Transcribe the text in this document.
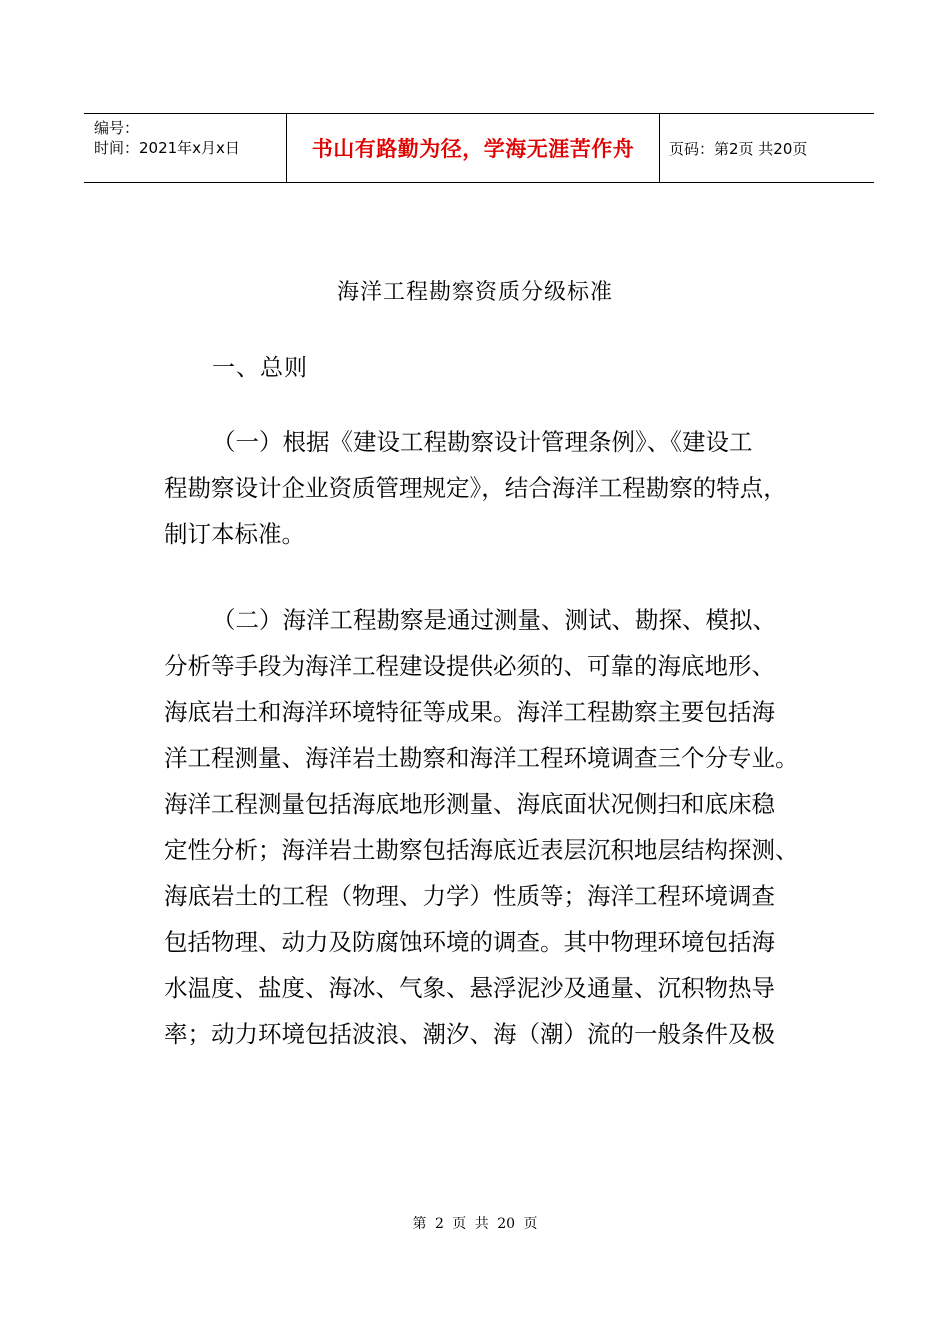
编号：
时间：2021年x月x日	书山有路勤为径，学海无涯苦作舟 页码：第2页 共20页
海洋工程勘察资质分级标准
一、总则
（一）根据《建设工程勘察设计管理条例》、《建设工
程勘察设计企业资质管理规定》，结合海洋工程勘察的特点，
制订本标准。
（二）海洋工程勘察是通过测量、测试、勘探、模拟、
分析等手段为海洋工程建设提供必须的、可靠的海底地形、
海底岩土和海洋环境特征等成果。海洋工程勘察主要包括海
洋工程测量、海洋岩土勘察和海洋工程环境调查三个分专业。
海洋工程测量包括海底地形测量、海底面状况侧扫和底床稳
定性分析；海洋岩土勘察包括海底近表层沉积地层结构探测、
海底岩土的工程（物理、力学）性质等；海洋工程环境调查
包括物理、动力及防腐蚀环境的调查。其中物理环境包括海
水温度、盐度、海冰、气象、悬浮泥沙及通量、沉积物热导
率；动力环境包括波浪、潮汐、海（潮）流的一般条件及极
第 2 页 共 20 页
